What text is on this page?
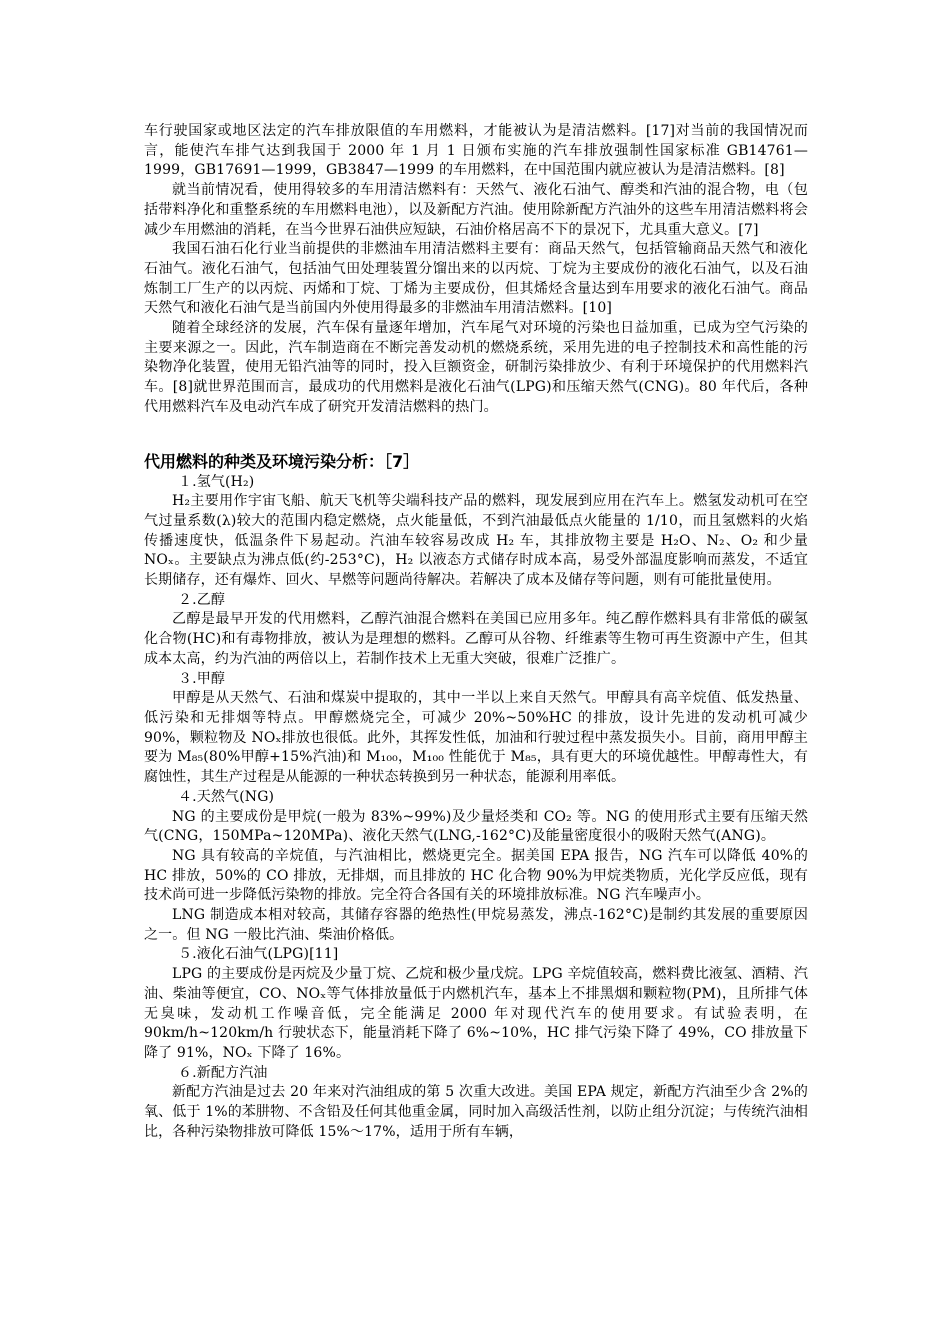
车行驶国家或地区法定的汽车排放限值的车用燃料，才能被认为是清洁燃料。[17]对当前的我国情况而言，能使汽车排气达到我国于 2000 年 1 月 1 日颁布实施的汽车排放强制性国家标准 GB14761—1999，GB17691—1999，GB3847—1999 的车用燃料，在中国范围内就应被认为是清洁燃料。[8]

就当前情况看，使用得较多的车用清洁燃料有：天然气、液化石油气、醇类和汽油的混合物，电（包括带料净化和重整系统的车用燃料电池），以及新配方汽油。使用除新配方汽油外的这些车用清洁燃料将会减少车用燃油的消耗，在当今世界石油供应短缺，石油价格居高不下的景况下，尤具重大意义。[7]

我国石油石化行业当前提供的非燃油车用清洁燃料主要有：商品天然气，包括管输商品天然气和液化石油气。液化石油气，包括油气田处理装置分馏出来的以丙烷、丁烷为主要成份的液化石油气，以及石油炼制工厂生产的以丙烷、丙烯和丁烷、丁烯为主要成份，但其烯烃含量达到车用要求的液化石油气。商品天然气和液化石油气是当前国内外使用得最多的非燃油车用清洁燃料。[10]

随着全球经济的发展，汽车保有量逐年增加，汽车尾气对环境的污染也日益加重，已成为空气污染的主要来源之一。因此，汽车制造商在不断完善发动机的燃烧系统，采用先进的电子控制技术和高性能的污染物净化装置，使用无铅汽油等的同时，投入巨额资金，研制污染排放少、有利于环境保护的代用燃料汽车。[8]就世界范围而言，最成功的代用燃料是液化石油气(LPG)和压缩天然气(CNG)。80 年代后，各种代用燃料汽车及电动汽车成了研究开发清洁燃料的热门。

代用燃料的种类及环境污染分析：［7］

１.氢气(H₂)

H₂主要用作宇宙飞船、航天飞机等尖端科技产品的燃料，现发展到应用在汽车上。燃氢发动机可在空气过量系数(λ)较大的范围内稳定燃烧，点火能量低，不到汽油最低点火能量的 1/10，而且氢燃料的火焰传播速度快，低温条件下易起动。汽油车较容易改成 H₂ 车，其排放物主要是 H₂O、N₂、O₂ 和少量 NOₓ。主要缺点为沸点低(约-253°C)，H₂ 以液态方式储存时成本高，易受外部温度影响而蒸发，不适宜长期储存，还有爆炸、回火、早燃等问题尚待解决。若解决了成本及储存等问题，则有可能批量使用。

２.乙醇

乙醇是最早开发的代用燃料，乙醇汽油混合燃料在美国已应用多年。纯乙醇作燃料具有非常低的碳氢化合物(HC)和有毒物排放，被认为是理想的燃料。乙醇可从谷物、纤维素等生物可再生资源中产生，但其成本太高，约为汽油的两倍以上，若制作技术上无重大突破，很难广泛推广。

３.甲醇

甲醇是从天然气、石油和煤炭中提取的，其中一半以上来自天然气。甲醇具有高辛烷值、低发热量、低污染和无排烟等特点。甲醇燃烧完全，可减少 20%~50%HC 的排放，设计先进的发动机可减少 90%，颗粒物及 NOₓ排放也很低。此外，其挥发性低，加油和行驶过程中蒸发损失小。目前，商用甲醇主要为 M₈₅(80%甲醇+15%汽油)和 M₁₀₀，M₁₀₀ 性能优于 M₈₅，具有更大的环境优越性。甲醇毒性大，有腐蚀性，其生产过程是从能源的一种状态转换到另一种状态，能源利用率低。

４.天然气(NG)

NG 的主要成份是甲烷(一般为 83%~99%)及少量烃类和 CO₂ 等。NG 的使用形式主要有压缩天然气(CNG，150MPa~120MPa)、液化天然气(LNG,-162°C)及能量密度很小的吸附天然气(ANG)。

NG 具有较高的辛烷值，与汽油相比，燃烧更完全。据美国 EPA 报告，NG 汽车可以降低 40%的 HC 排放，50%的 CO 排放，无排烟，而且排放的 HC 化合物 90%为甲烷类物质，光化学反应低，现有技术尚可进一步降低污染物的排放。完全符合各国有关的环境排放标准。NG 汽车噪声小。

LNG 制造成本相对较高，其储存容器的绝热性(甲烷易蒸发，沸点-162°C)是制约其发展的重要原因之一。但 NG 一般比汽油、柴油价格低。

５.液化石油气(LPG)[11]

LPG 的主要成份是丙烷及少量丁烷、乙烷和极少量戊烷。LPG 辛烷值较高，燃料费比液氢、酒精、汽油、柴油等便宜，CO、NOₓ等气体排放量低于内燃机汽车，基本上不排黑烟和颗粒物(PM)，且所排气体无臭味，发动机工作噪音低，完全能满足 2000 年对现代汽车的使用要求。有试验表明，在 90km/h~120km/h 行驶状态下，能量消耗下降了 6%~10%，HC 排气污染下降了 49%，CO 排放量下降了 91%，NOₓ 下降了 16%。

６.新配方汽油

新配方汽油是过去 20 年来对汽油组成的第 5 次重大改进。美国 EPA 规定，新配方汽油至少含 2%的氧、低于 1%的苯肼物、不含铅及任何其他重金属，同时加入高级活性剂，以防止组分沉淀；与传统汽油相比，各种污染物排放可降低 15%～17%，适用于所有车辆，
